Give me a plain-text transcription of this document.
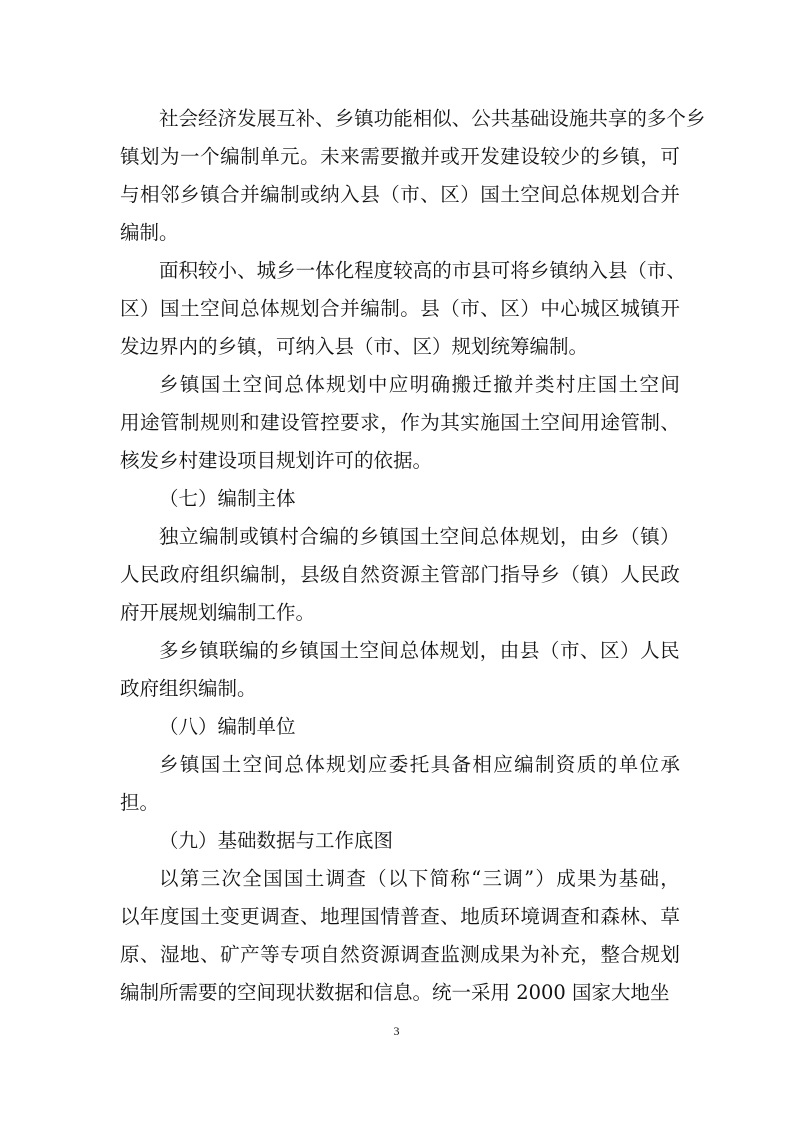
社 会 经 济 发 展 互 补 、 乡 镇 功 能 相 似 、 公 共 基 础 设 施 共 享 的 多 个 乡
镇 划 为 一 个 编 制 单 元 。 未 来 需 要 撤 并 或 开 发 建 设 较 少 的 乡 镇 ， 可
与 相 邻 乡 镇 合 并 编 制 或 纳 入 县 （ 市 、 区 ） 国 土 空 间 总 体 规 划 合 并
编制。
面 积 较 小 、 城 乡 一 体 化 程 度 较 高 的 市 县 可 将 乡 镇 纳 入 县 （ 市 、
区 ） 国 土 空 间 总 体 规 划 合 并 编 制 。 县 （ 市 、 区 ） 中 心 城 区 城 镇 开
发边界内的乡镇，可纳入县（市、区）规划统筹编制。
乡 镇 国 土 空 间 总 体 规 划 中 应 明 确 搬 迁 撤 并 类 村 庄 国 土 空 间
用 途 管 制 规 则 和 建 设 管 控 要 求 ， 作 为 其 实 施 国 土 空 间 用 途 管 制 、
核发乡村建设项目规划许可的依据。
（七）编制主体
独 立 编 制 或 镇 村 合 编 的 乡 镇 国 土 空 间 总 体 规 划 ， 由 乡 （ 镇 ）
人 民 政 府 组 织 编 制 ， 县 级 自 然 资 源 主 管 部 门 指 导 乡 （ 镇 ） 人 民 政
府开展规划编制工作。
多 乡 镇 联 编 的 乡 镇 国 土 空 间 总 体 规 划 ， 由 县 （ 市 、 区 ） 人 民
政府组织编制。
（八）编制单位
乡 镇 国 土 空 间 总 体 规 划 应 委 托 具 备 相 应 编 制 资 质 的 单 位 承
担。
（九）基础数据与工作底图
以 第 三 次 全 国 国 土 调 查 （ 以 下 简 称 “ 三 调 ” ） 成 果 为 基 础 ，
以 年 度 国 土 变 更 调 查 、 地 理 国 情 普 查 、 地 质 环 境 调 查 和 森 林 、 草
原 、 湿 地 、 矿 产 等 专 项 自 然 资 源 调 查 监 测 成 果 为 补 充 ， 整 合 规 划
编制所需要的空间现状数据和信息。统一采用 2000 国家大地坐
3
